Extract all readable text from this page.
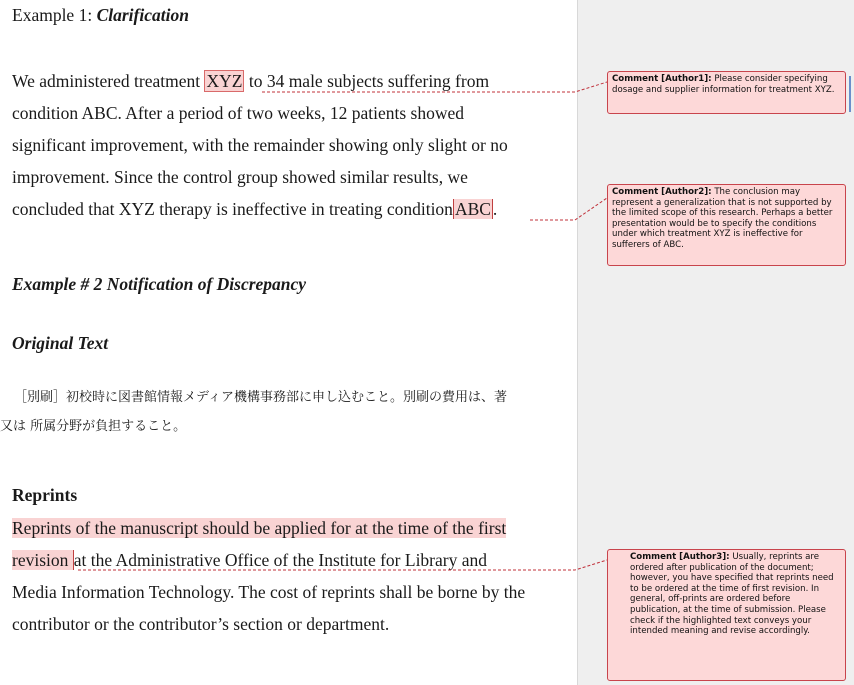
Example 1: Clarification
We administered treatment XYZ to 34 male subjects suffering from
condition ABC. After a period of two weeks, 12 patients showed
significant improvement, with the remainder showing only slight or no
improvement. Since the control group showed similar results, we
concluded that XYZ therapy is ineffective in treating condition ABC .
Example # 2 Notification of Discrepancy
Original Text
［別刷］初校時に図書館情報メディア機構事務部に申し込むこと。別刷の費用は、著
又は 所属分野が負担すること。
Reprints
Reprints of the manuscript should be applied for at the time of the first
revision at the Administrative Office of the Institute for Library and
Media Information Technology. The cost of reprints shall be borne by the
contributor or the contributor’s section or department.
Comment [Author1]: Please consider specifying dosage and supplier information for treatment XYZ.
Comment [Author2]: The conclusion may represent a generalization that is not supported by the limited scope of this research. Perhaps a better presentation would be to specify the conditions under which treatment XYZ is ineffective for sufferers of ABC.
Comment [Author3]: Usually, reprints are ordered after publication of the document; however, you have specified that reprints need to be ordered at the time of first revision. In general, off-prints are ordered before publication, at the time of submission. Please check if the highlighted text conveys your intended meaning and revise accordingly.
